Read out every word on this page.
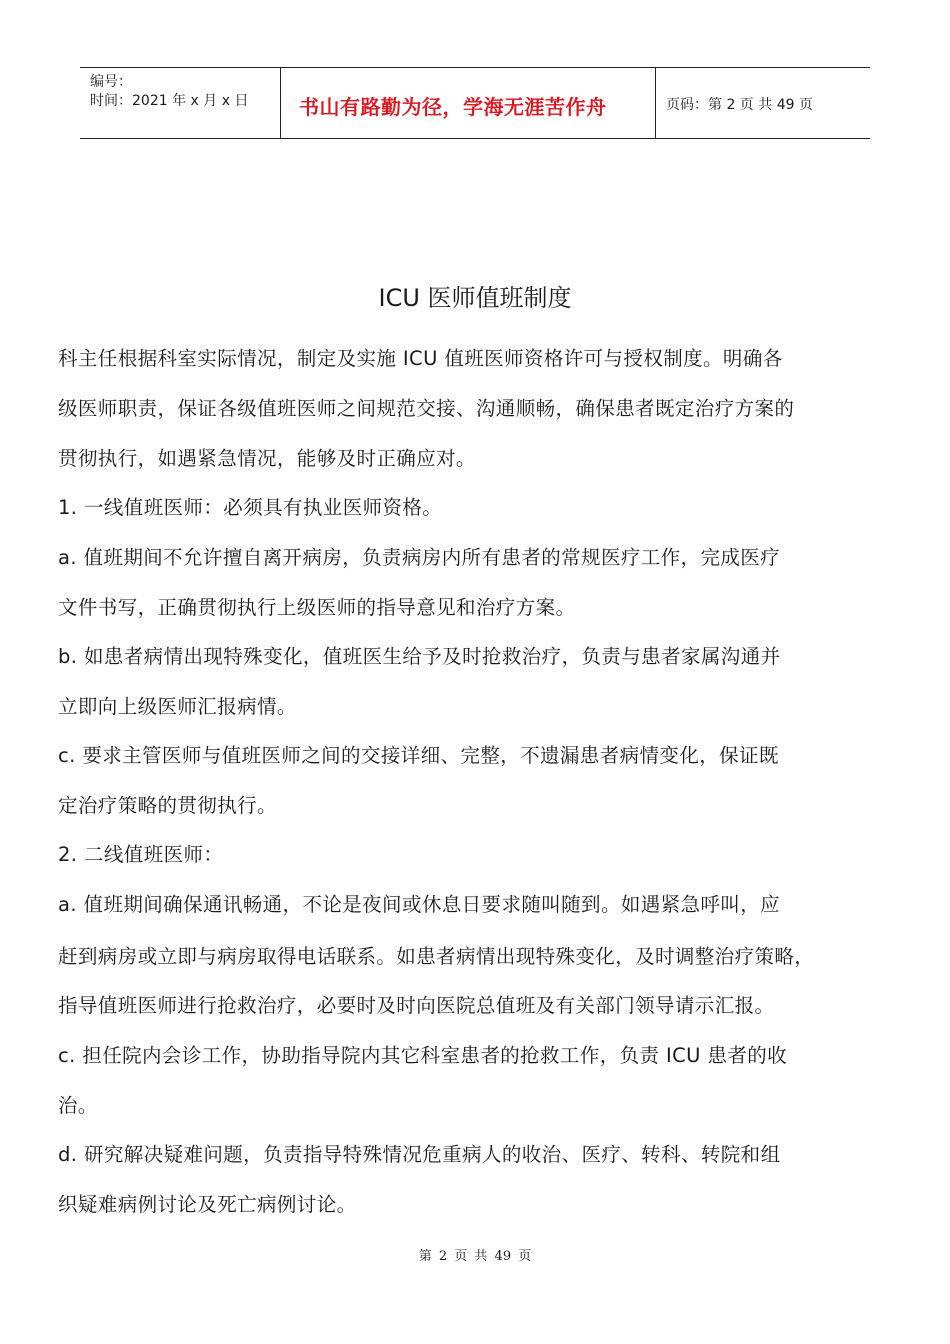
编号：
时间：2021 年 x 月 x 日	书山有路勤为径，学海无涯苦作舟	页码：第 2 页 共 49 页
ICU 医师值班制度
科主任根据科室实际情况，制定及实施 ICU 值班医师资格许可与授权制度。明确各
级医师职责，保证各级值班医师之间规范交接、沟通顺畅，确保患者既定治疗方案的
贯彻执行，如遇紧急情况，能够及时正确应对。
1. 一线值班医师：必须具有执业医师资格。
a. 值班期间不允许擅自离开病房，负责病房内所有患者的常规医疗工作，完成医疗
文件书写，正确贯彻执行上级医师的指导意见和治疗方案。
b. 如患者病情出现特殊变化，值班医生给予及时抢救治疗，负责与患者家属沟通并
立即向上级医师汇报病情。
c. 要求主管医师与值班医师之间的交接详细、完整，不遗漏患者病情变化，保证既
定治疗策略的贯彻执行。
2. 二线值班医师：
a. 值班期间确保通讯畅通，不论是夜间或休息日要求随叫随到。如遇紧急呼叫，应
赶到病房或立即与病房取得电话联系。如患者病情出现特殊变化，及时调整治疗策略，
指导值班医师进行抢救治疗，必要时及时向医院总值班及有关部门领导请示汇报。
c. 担任院内会诊工作，协助指导院内其它科室患者的抢救工作，负责 ICU 患者的收
治。
d. 研究解决疑难问题，负责指导特殊情况危重病人的收治、医疗、转科、转院和组
织疑难病例讨论及死亡病例讨论。
第 2 页 共 49 页
